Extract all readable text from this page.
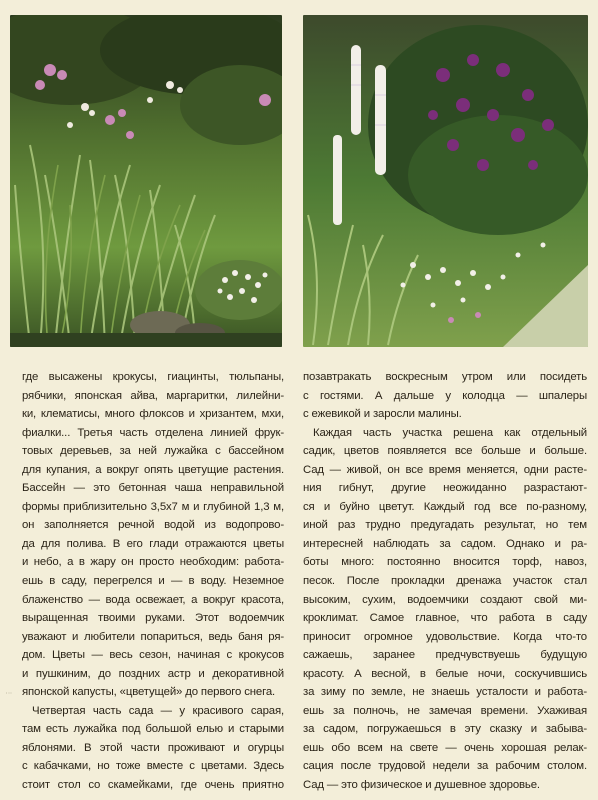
где высажены крокусы, гиацинты, тюльпаны,
рябчики, японская айва, маргаритки, лилейни-
ки, клематисы, много флоксов и хризантем, мхи,
фиалки... Третья часть отделена линией фрук-
товых деревьев, за ней лужайка с бассейном
для купания, а вокруг опять цветущие растения.
Бассейн — это бетонная чаша неправильной
формы приблизительно 3,5х7 м и глубиной 1,3 м,
он заполняется речной водой из водопрово-
да для полива. В его глади отражаются цветы
и небо, а в жару он просто необходим: работа-
ешь в саду, перегрелся и — в воду. Неземное
блаженство — вода освежает, а вокруг красота,
выращенная твоими руками. Этот водоемчик
уважают и любители попариться, ведь баня ря-
дом. Цветы — весь сезон, начиная с крокусов
и пушкиним, до поздних астр и декоративной
японской капусты, «цветущей» до первого снега.
Четвертая часть сада — у красивого сарая,
там есть лужайка под большой елью и старыми
яблонями. В этой части проживают и огурцы
с кабачками, но тоже вместе с цветами. Здесь
стоит стол со скамейками, где очень приятно
позавтракать воскресным утром или посидеть
с гостями. А дальше у колодца — шпалеры
с ежевикой и заросли малины.
Каждая часть участка решена как отдельный
садик, цветов появляется все больше и больше.
Сад — живой, он все время меняется, одни расте-
ния гибнут, другие неожиданно разрастают-
ся и буйно цветут. Каждый год все по-разному,
иной раз трудно предугадать результат, но тем
интересней наблюдать за садом. Однако и ра-
боты много: постоянно вносится торф, навоз,
песок. После прокладки дренажа участок стал
высоким, сухим, водоемчики создают свой ми-
кроклимат. Самое главное, что работа в саду
приносит огромное удовольствие. Когда что-то
сажаешь, заранее предчувствуешь будущую
красоту. А весной, в белые ночи, соскучившись
за зиму по земле, не знаешь усталости и работа-
ешь за полночь, не замечая времени. Ухаживая
за садом, погружаешься в эту сказку и забыва-
ешь обо всем на свете — очень хорошая релак-
сация после трудовой недели за рабочим столом.
Сад — это физическое и душевное здоровье.
⋮
